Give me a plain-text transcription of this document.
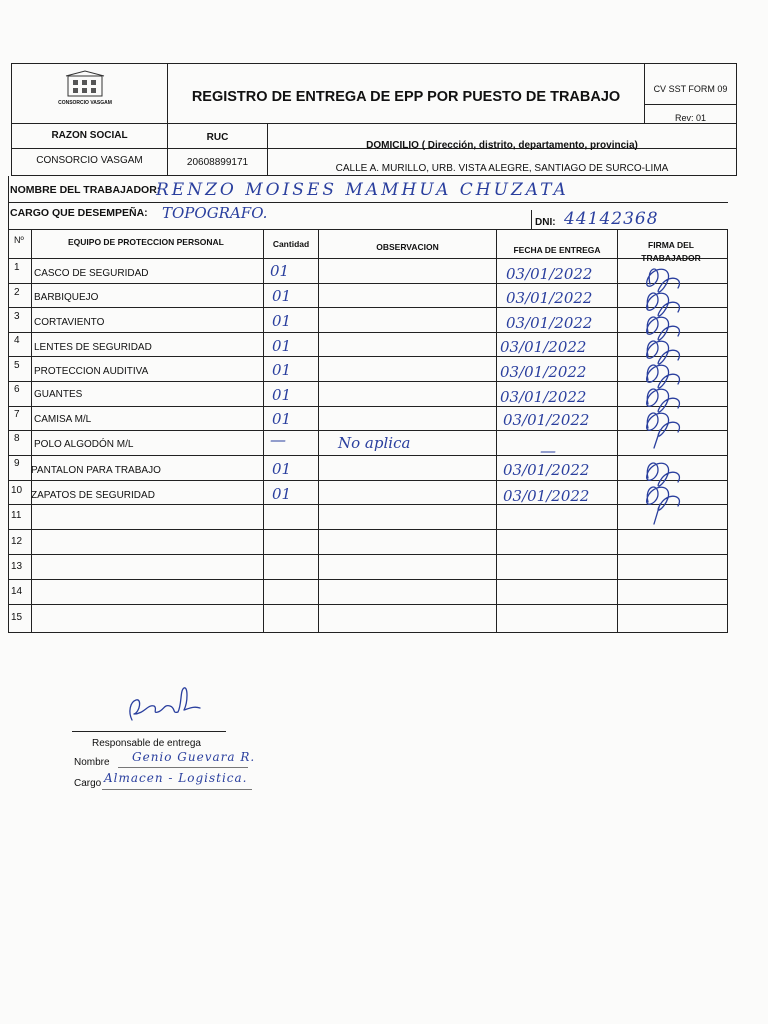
CONSORCIO VASGAM	REGISTRO DE ENTREGA DE EPP POR PUESTO DE TRABAJO	CV SST FORM 09
Rev: 01
RAZON SOCIAL	RUC
DOMICILIO ( Dirección, distrito, departamento, provincia)
CONSORCIO VASGAM	20608899171
CALLE A. MURILLO, URB. VISTA ALEGRE, SANTIAGO DE SURCO-LIMA
NOMBRE DEL TRABAJADOR:
RENZO MOISES MAMHUA CHUZATA
CARGO QUE DESEMPEÑA: TOPOGRAFO.
DNI: 44142368
Nº	EQUIPO DE PROTECCION PERSONAL	Cantidad	OBSERVACION	FECHA DE ENTREGA	FIRMA DEL TRABAJADOR
1
CASCO DE SEGURIDAD	01	03/01/2022
2 BARBIQUEJO	01	03/01/2022
3
CORTAVIENTO	01	03/01/2022
4
LENTES DE SEGURIDAD	01	03/01/2022
5
PROTECCION AUDITIVA	01	03/01/2022
6 GUANTES	01	03/01/2022
7 CAMISA M/L	01	03/01/2022
8
POLO ALGODÓN M/L	—	No aplica	—
9
PANTALON PARA TRABAJO	01	03/01/2022
10 ZAPATOS DE SEGURIDAD	01	03/01/2022
11
12
13
14
15
Responsable de entrega
Nombre Genio Guevara R.
Cargo Almacen - Logistica.
